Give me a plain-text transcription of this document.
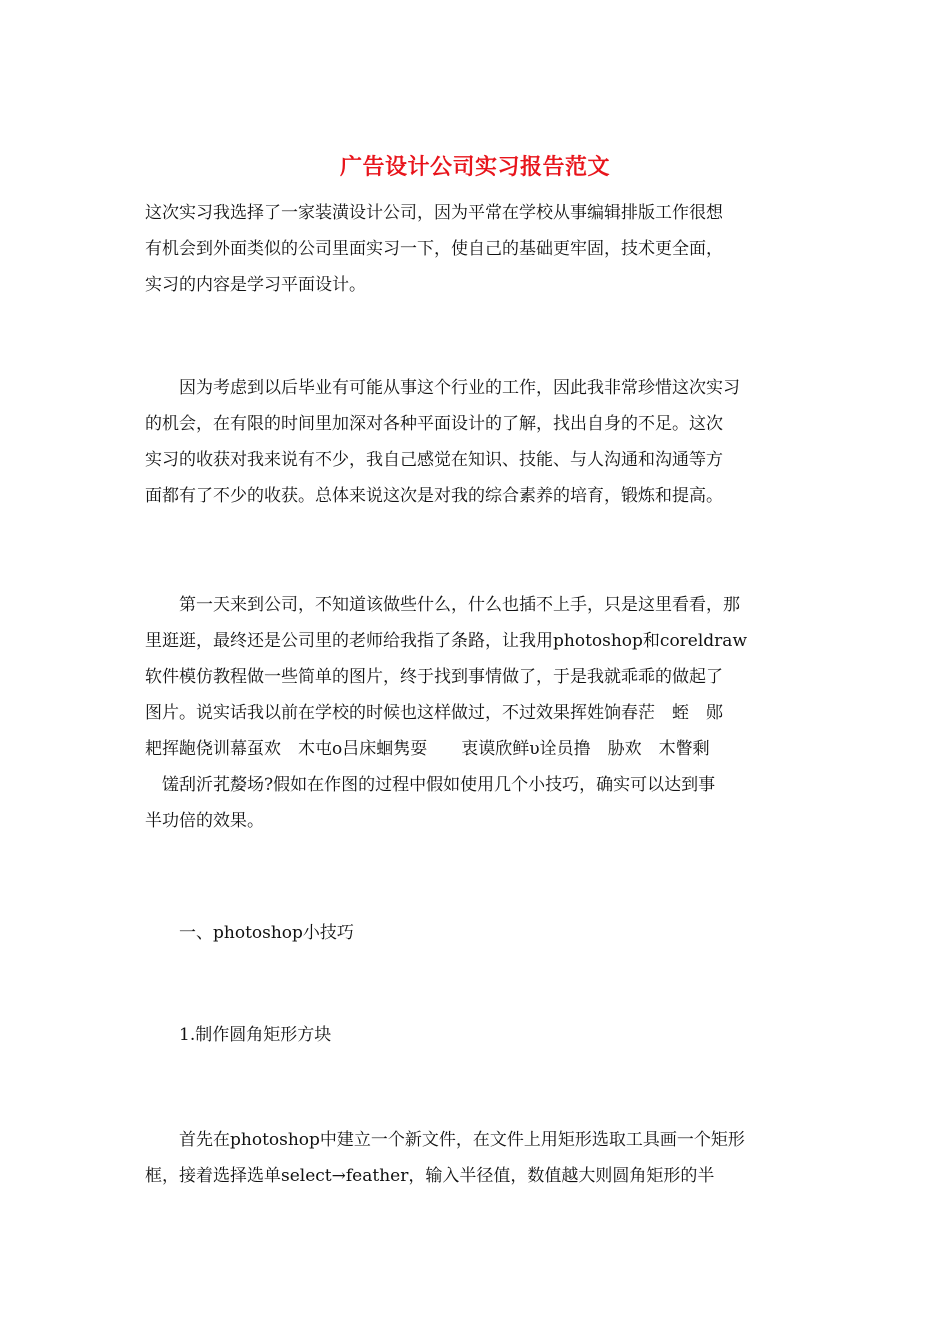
广告设计公司实习报告范文

这次实习我选择了一家装潢设计公司，因为平常在学校从事编辑排版工作很想

有机会到外面类似的公司里面实习一下，使自己的基础更牢固，技术更全面，

实习的内容是学习平面设计。

　　因为考虑到以后毕业有可能从事这个行业的工作，因此我非常珍惜这次实习

的机会，在有限的时间里加深对各种平面设计的了解，找出自身的不足。这次

实习的收获对我来说有不少，我自己感觉在知识、技能、与人沟通和沟通等方

面都有了不少的收获。总体来说这次是对我的综合素养的培育，锻炼和提高。

　　第一天来到公司，不知道该做些什么，什么也插不上手，只是这里看看，那

里逛逛，最终还是公司里的老师给我指了条路，让我用photoshop和coreldraw

软件模仿教程做一些简单的图片，终于找到事情做了，于是我就乖乖的做起了

图片。说实话我以前在学校的时候也这样做过，不过效果挥姓饷春茫　蛭　郧

耙挥龅侥训幕虿欢　木屯ο吕床蛔隽耍　　衷谟欣鲜υ诠员撸　胁欢　木瞥剩

　馐刮沂芤嫠场?假如在作图的过程中假如使用几个小技巧，确实可以达到事

半功倍的效果。

　　一、photoshop小技巧

　　1.制作圆角矩形方块

　　首先在photoshop中建立一个新文件，在文件上用矩形选取工具画一个矩形

框，接着选择选单select→feather，输入半径值，数值越大则圆角矩形的半
